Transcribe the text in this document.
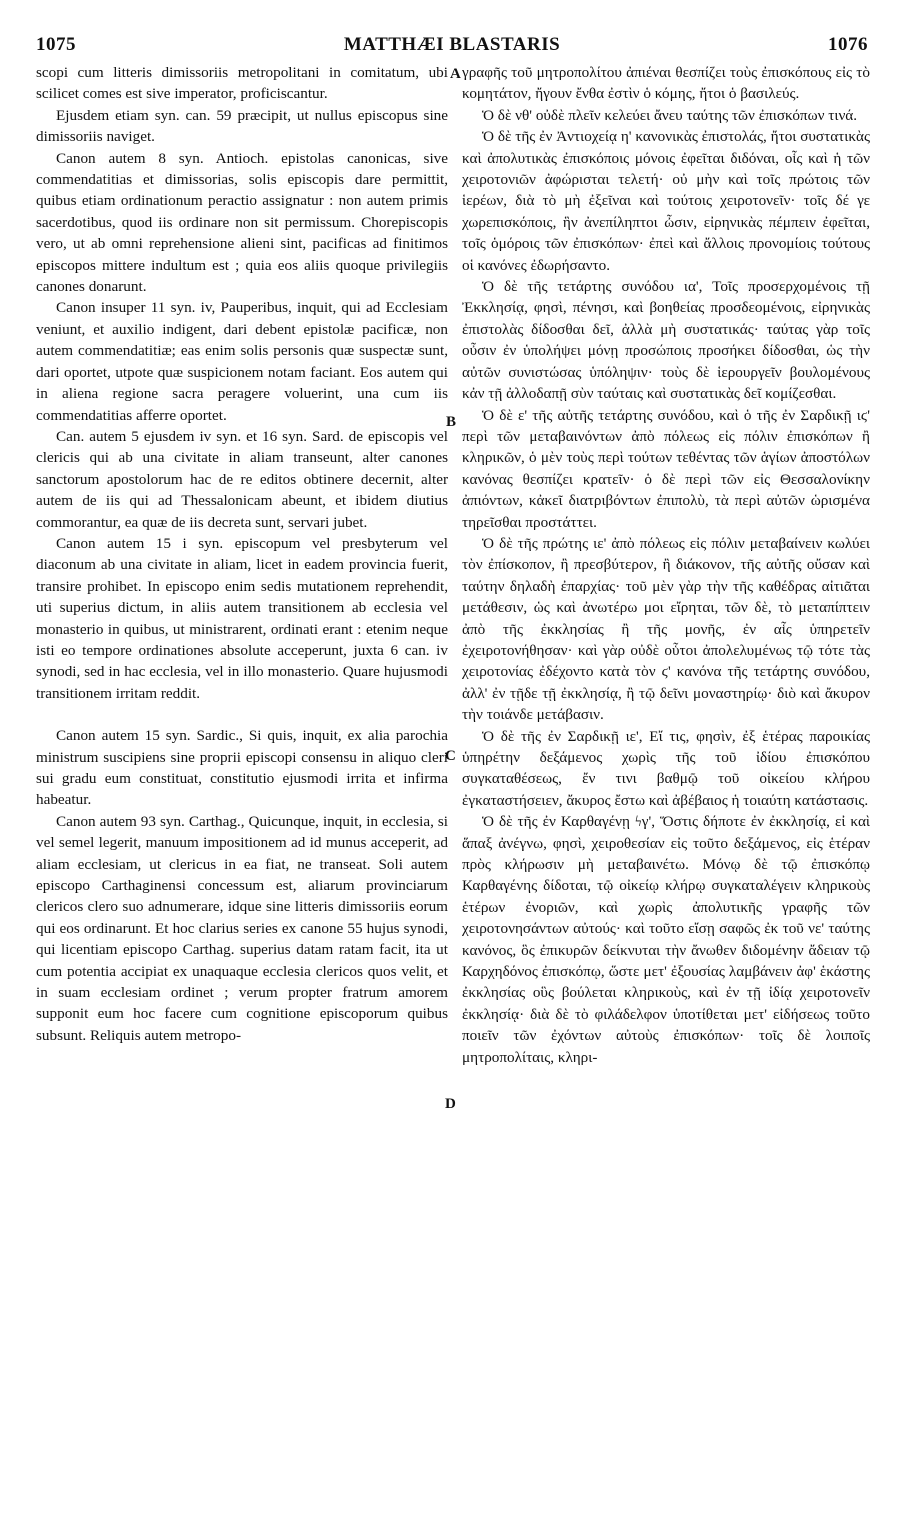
1075	MATTHÆI BLASTARIS	1076

scopi cum litteris dimissoriis metropolitani in comitatum, ubi scilicet comes est sive imperator, proficiscantur.

Ejusdem etiam syn. can. 59 præcipit, ut nullus episcopus sine dimissoriis naviget.

Canon autem 8 syn. Antioch. epistolas canonicas, sive commendatitias et dimissorias, solis episcopis dare permittit, quibus etiam ordinationum peractio assignatur : non autem primis sacerdotibus, quod iis ordinare non sit permissum. Chorepiscopis vero, ut ab omni reprehensione alieni sint, pacificas ad finitimos episcopos mittere indultum est ; quia eos aliis quoque privilegiis canones donarunt.

Canon insuper 11 syn. iv, Pauperibus, inquit, qui ad Ecclesiam veniunt, et auxilio indigent, dari debent epistolæ pacificæ, non autem commendatitiæ; eas enim solis personis quæ suspectæ sunt, dari oportet, utpote quæ suspicionem notam faciant. Eos autem qui in aliena regione sacra peragere voluerint, una cum iis commendatitias afferre oportet.

Can. autem 5 ejusdem iv syn. et 16 syn. Sard. de episcopis vel clericis qui ab una civitate in aliam transeunt, alter canones sanctorum apostolorum hac de re editos obtinere decernit, alter autem de iis qui ad Thessalonicam abeunt, et ibidem diutius commorantur, ea quæ de iis decreta sunt, servari jubet.

Canon autem 15 i syn. episcopum vel presbyterum vel diaconum ab una civitate in aliam, licet in eadem provincia fuerit, transire prohibet. In episcopo enim sedis mutationem reprehendit, uti superius dictum, in aliis autem transitionem ab ecclesia vel monasterio in quibus, ut ministrarent, ordinati erant : etenim neque isti eo tempore ordinationes absolute acceperunt, juxta 6 can. iv synodi, sed in hac ecclesia, vel in illo monasterio. Quare hujusmodi transitionem irritam reddit.

Canon autem 15 syn. Sardic., Si quis, inquit, ex alia parochia ministrum suscipiens sine proprii episcopi consensu in aliquo cleri sui gradu eum constituat, constitutio ejusmodi irrita et infirma habeatur.

Canon autem 93 syn. Carthag., Quicunque, inquit, in ecclesia, si vel semel legerit, manuum impositionem ad id munus acceperit, ad aliam ecclesiam, ut clericus in ea fiat, ne transeat. Soli autem episcopo Carthaginensi concessum est, aliarum provinciarum clericos clero suo adnumerare, idque sine litteris dimissoriis eorum qui eos ordinarunt. Et hoc clarius series ex canone 55 hujus synodi, qui licentiam episcopo Carthag. superius datam ratam facit, ita ut cum potentia accipiat ex unaquaque ecclesia clericos quos velit, et in suam ecclesiam ordinet ; verum propter fratrum amorem supponit eum hoc facere cum cognitione episcoporum quibus subsunt. Reliquis autem metropo-

A
B
C
D

γραφῆς τοῦ μητροπολίτου ἀπιέναι θεσπίζει τοὺς ἐπισκόπους εἰς τὸ κομητάτον, ἤγουν ἔνθα ἐστὶν ὁ κόμης, ἤτοι ὁ βασιλεύς.

Ὁ δὲ νθ' οὐδὲ πλεῖν κελεύει ἄνευ ταύτης τῶν ἐπισκόπων τινά.

Ὁ δὲ τῆς ἐν Ἀντιοχείᾳ η' κανονικὰς ἐπιστολάς, ἤτοι συστατικὰς καὶ ἀπολυτικὰς ἐπισκόποις μόνοις ἐφεῖται διδόναι, οἷς καὶ ἡ τῶν χειροτονιῶν ἀφώρισται τελετή· οὐ μὴν καὶ τοῖς πρώτοις τῶν ἱερέων, διὰ τὸ μὴ ἐξεῖναι καὶ τούτοις χειροτονεῖν· τοῖς δέ γε χωρεπισκόποις, ἣν ἀνεπίληπτοι ὦσιν, εἰρηνικὰς πέμπειν ἐφεῖται, τοῖς ὁμόροις τῶν ἐπισκόπων· ἐπεὶ καὶ ἄλλοις προνομίοις τούτους οἱ κανόνες ἐδωρήσαντο.

Ὁ δὲ τῆς τετάρτης συνόδου ια', Τοῖς προσερχομένοις τῇ Ἐκκλησίᾳ, φησὶ, πένησι, καὶ βοηθείας προσδεομένοις, εἰρηνικὰς ἐπιστολὰς δίδοσθαι δεῖ, ἀλλὰ μὴ συστατικάς· ταύτας γὰρ τοῖς οὖσιν ἐν ὑπολήψει μόνῃ προσώποις προσήκει δίδοσθαι, ὡς τὴν αὐτῶν συνιστώσας ὑπόληψιν· τοὺς δὲ ἱερουργεῖν βουλομένους κἀν τῇ ἀλλοδαπῇ σὺν ταύταις καὶ συστατικὰς δεῖ κομίζεσθαι.

Ὁ δὲ ε' τῆς αὐτῆς τετάρτης συνόδου, καὶ ὁ τῆς ἐν Σαρδικῇ ιϛ' περὶ τῶν μεταβαινόντων ἀπὸ πόλεως εἰς πόλιν ἐπισκόπων ἢ κληρικῶν, ὁ μὲν τοὺς περὶ τούτων τεθέντας τῶν ἁγίων ἀποστόλων κανόνας θεσπίζει κρατεῖν· ὁ δὲ περὶ τῶν εἰς Θεσσαλονίκην ἀπιόντων, κἀκεῖ διατριβόντων ἐπιπολὺ, τὰ περὶ αὐτῶν ὡρισμένα τηρεῖσθαι προστάττει.

Ὁ δὲ τῆς πρώτης ιε' ἀπὸ πόλεως εἰς πόλιν μεταβαίνειν κωλύει τὸν ἐπίσκοπον, ἢ πρεσβύτερον, ἢ διάκονον, τῆς αὐτῆς οὔσαν καὶ ταύτην δηλαδὴ ἐπαρχίας· τοῦ μὲν γὰρ τὴν τῆς καθέδρας αἰτιᾶται μετάθεσιν, ὡς καὶ ἀνωτέρω μοι εἴρηται, τῶν δὲ, τὸ μεταπίπτειν ἀπὸ τῆς ἐκκλησίας ἢ τῆς μονῆς, ἐν αἷς ὑπηρετεῖν ἐχειροτονήθησαν· καὶ γὰρ οὐδὲ οὗτοι ἀπολελυμένως τῷ τότε τὰς χειροτονίας ἐδέχοντο κατὰ τὸν ϛ' κανόνα τῆς τετάρτης συνόδου, ἀλλ' ἐν τῇδε τῇ ἐκκλησίᾳ, ἢ τῷ δεῖνι μοναστηρίῳ· διὸ καὶ ἄκυρον τὴν τοιάνδε μετάβασιν.

Ὁ δὲ τῆς ἐν Σαρδικῇ ιε', Εἴ τις, φησὶν, ἐξ ἑτέρας παροικίας ὑπηρέτην δεξάμενος χωρὶς τῆς τοῦ ἰδίου ἐπισκόπου συγκαταθέσεως, ἔν τινι βαθμῷ τοῦ οἰκείου κλήρου ἐγκαταστήσειεν, ἄκυρος ἔστω καὶ ἀβέβαιος ἡ τοιαύτη κατάστασις.

Ὁ δὲ τῆς ἐν Καρθαγένῃ ϟγ', Ὅστις δήποτε ἐν ἐκκλησίᾳ, εἰ καὶ ἅπαξ ἀνέγνω, φησὶ, χειροθεσίαν εἰς τοῦτο δεξάμενος, εἰς ἑτέραν πρὸς κλήρωσιν μὴ μεταβαινέτω. Μόνῳ δὲ τῷ ἐπισκόπῳ Καρθαγένης δίδοται, τῷ οἰκείῳ κλήρῳ συγκαταλέγειν κληρικοὺς ἑτέρων ἐνοριῶν, καὶ χωρὶς ἀπολυτικῆς γραφῆς τῶν χειροτονησάντων αὐτούς· καὶ τοῦτο εἴσῃ σαφῶς ἐκ τοῦ νε' ταύτης κανόνος, ὃς ἐπικυρῶν δείκνυται τὴν ἄνωθεν διδομένην ἄδειαν τῷ Καρχηδόνος ἐπισκόπῳ, ὥστε μετ' ἐξουσίας λαμβάνειν ἀφ' ἑκάστης ἐκκλησίας οὓς βούλεται κληρικοὺς, καὶ ἐν τῇ ἰδίᾳ χειροτονεῖν ἐκκλησίᾳ· διὰ δὲ τὸ φιλάδελφον ὑποτίθεται μετ' εἰδήσεως τοῦτο ποιεῖν τῶν ἐχόντων αὐτοὺς ἐπισκόπων· τοῖς δὲ λοιποῖς μητροπολίταις, κληρι-
